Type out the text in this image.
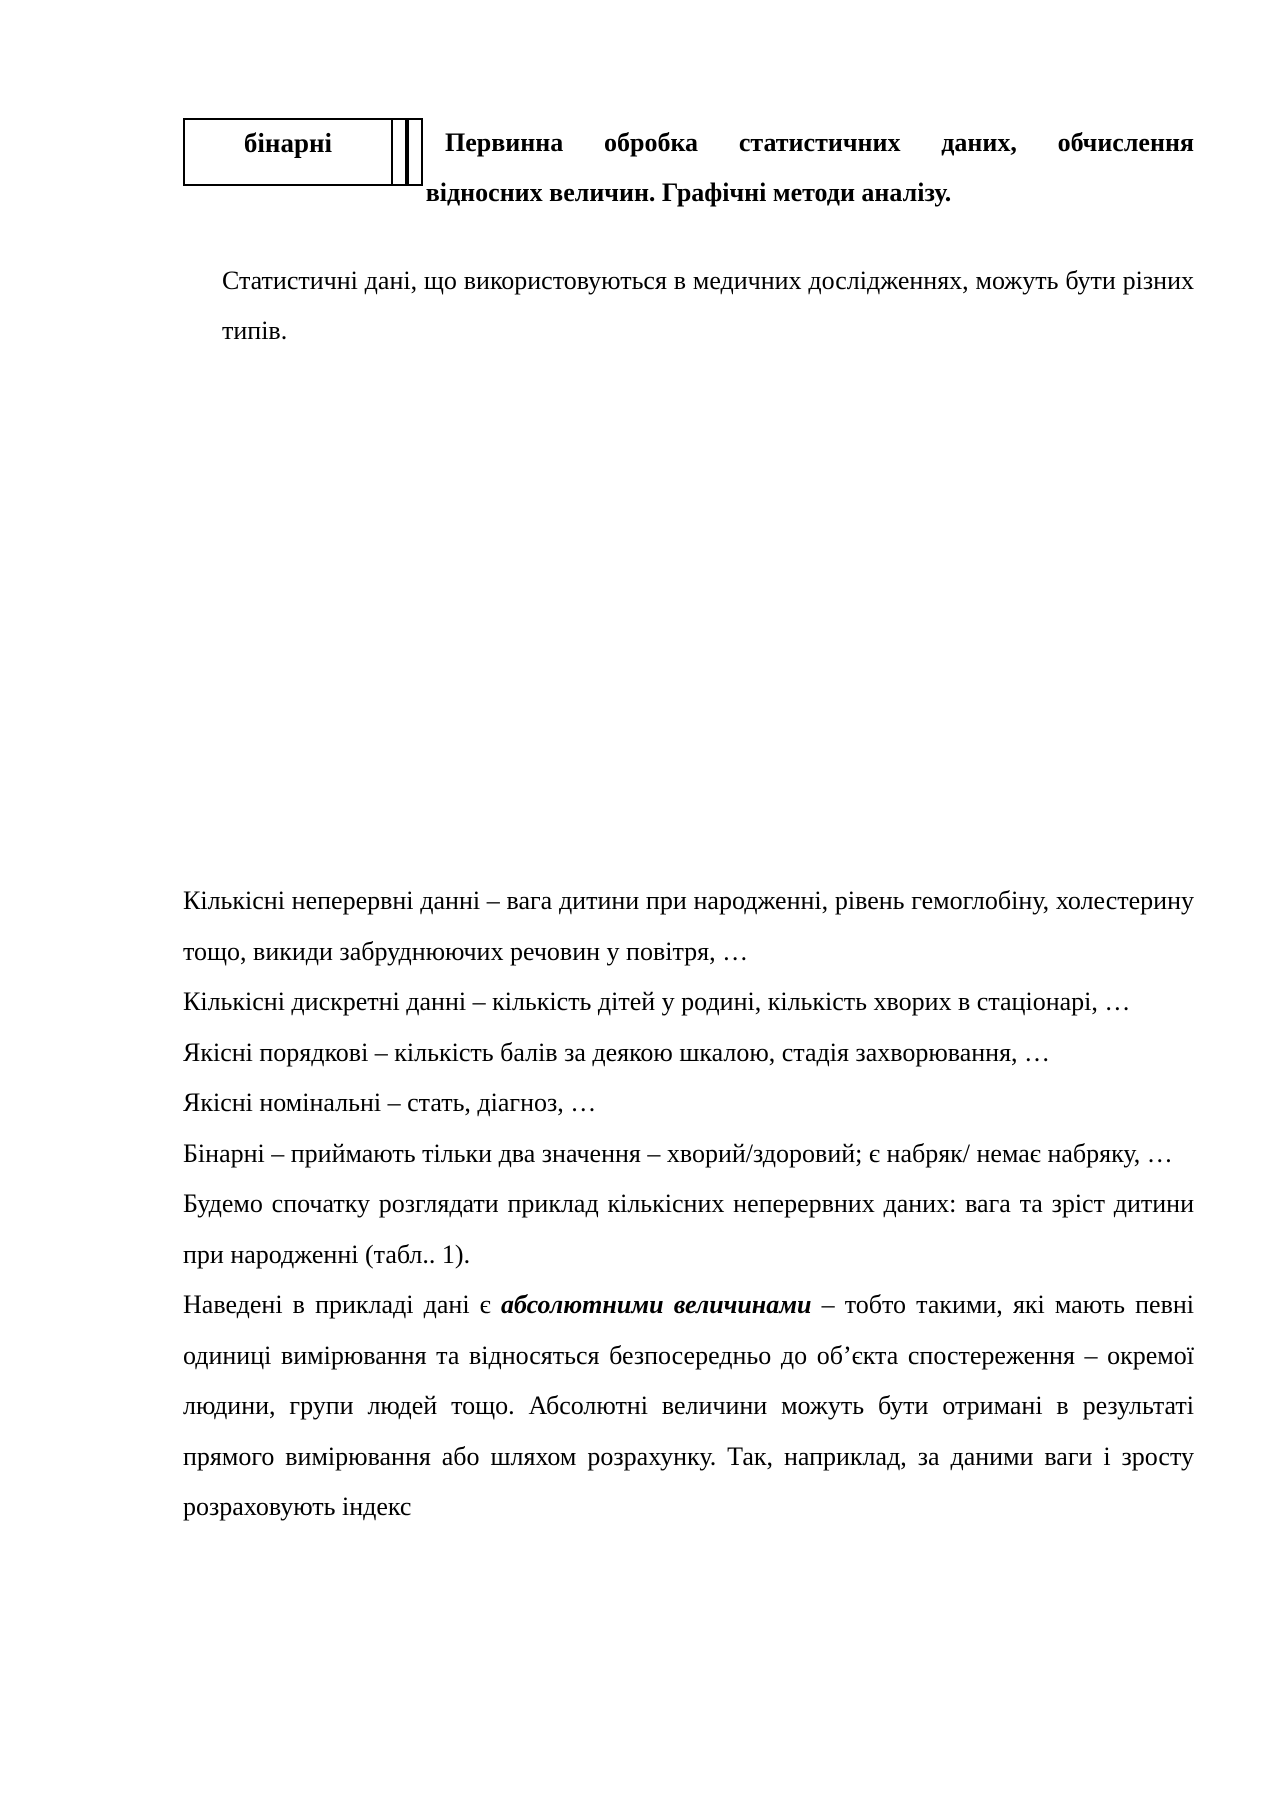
бінарні	Первинна обробка статистичних даних, обчислення
відносних величин. Графічні методи аналізу.
Статистичні дані, що використовуються в медичних дослідженнях, можуть бути різних типів.

Кількісні неперервні данні – вага дитини при народженні, рівень гемоглобіну, холестерину тощо, викиди забруднюючих речовин у повітря, …

Кількісні дискретні данні – кількість дітей у родині, кількість хворих в стаціонарі, …

Якісні порядкові – кількість балів за деякою шкалою, стадія захворювання, …

Якісні номінальні – стать, діагноз, …

Бінарні – приймають тільки два значення – хворий/здоровий; є набряк/ немає набряку, …

Будемо спочатку розглядати приклад кількісних неперервних даних: вага та зріст дитини при народженні (табл.. 1).

Наведені в прикладі дані є абсолютними величинами – тобто такими, які мають певні одиниці вимірювання та відносяться безпосередньо до об’єкта спостереження – окремої людини, групи людей тощо. Абсолютні величини можуть бути отримані в результаті прямого вимірювання або шляхом розрахунку. Так, наприклад, за даними ваги і зросту розраховують індекс
